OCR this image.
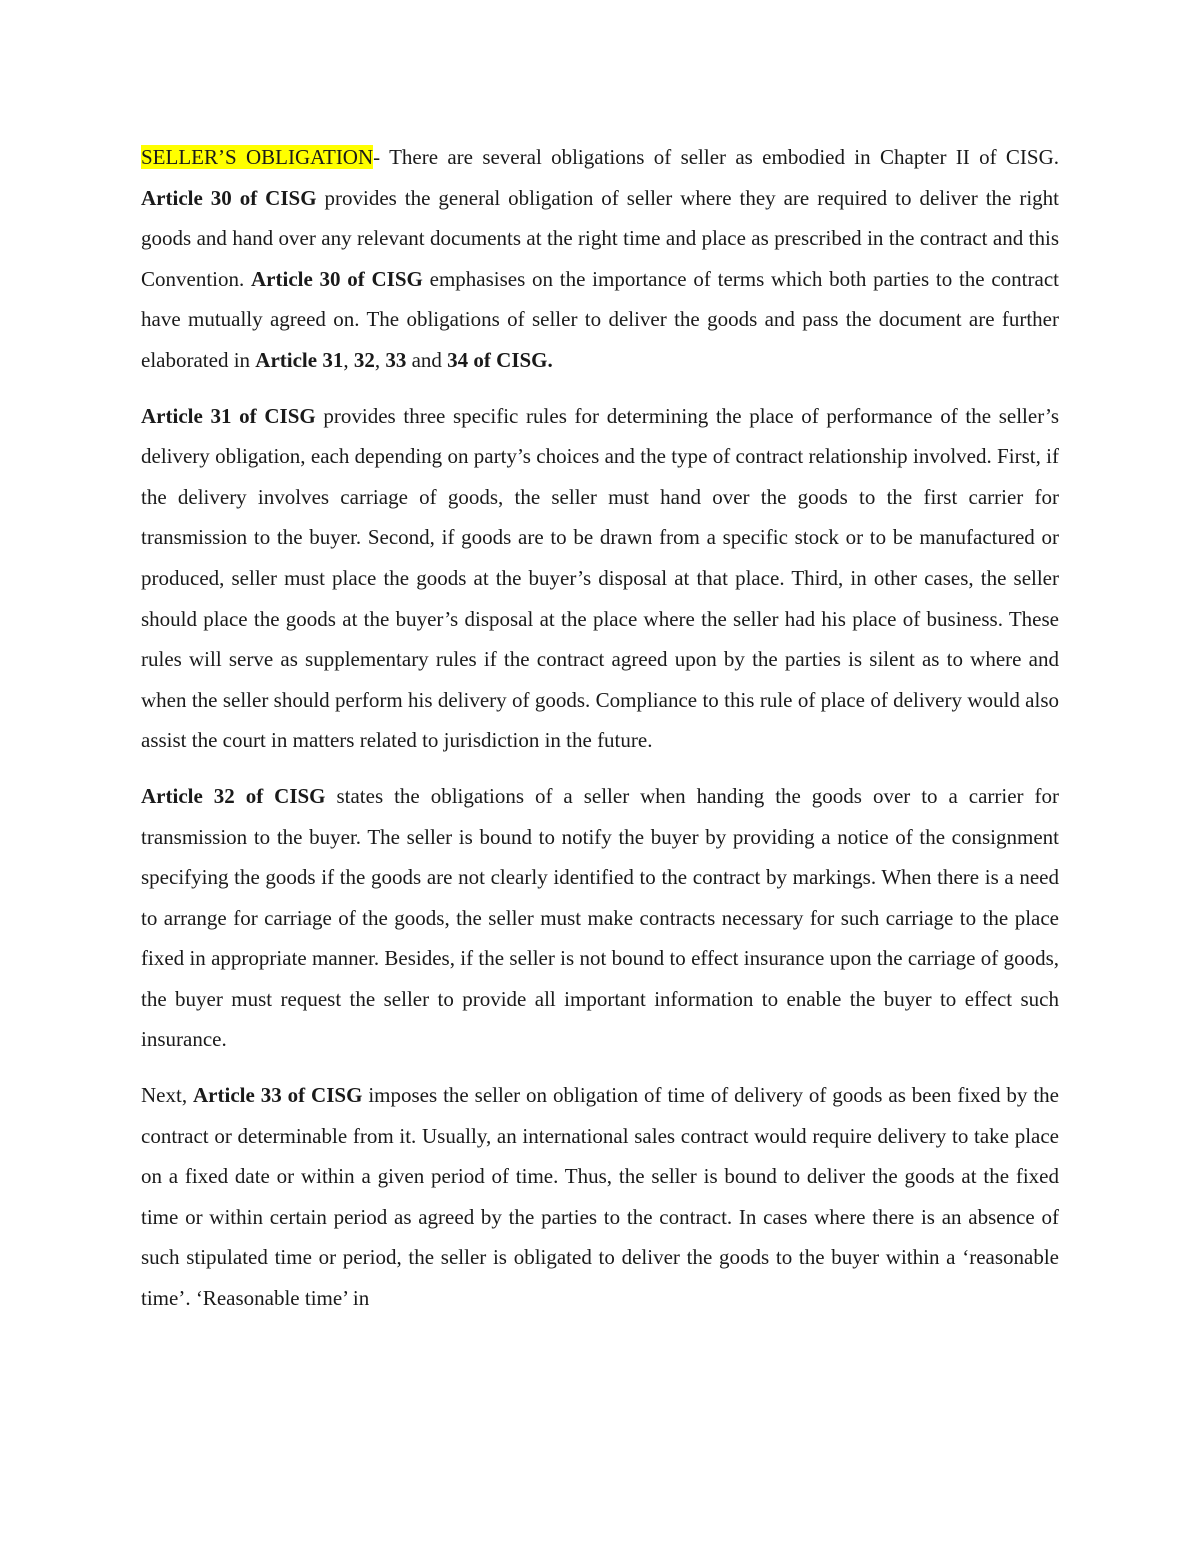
SELLER’S OBLIGATION- There are several obligations of seller as embodied in Chapter II of CISG. Article 30 of CISG provides the general obligation of seller where they are required to deliver the right goods and hand over any relevant documents at the right time and place as prescribed in the contract and this Convention. Article 30 of CISG emphasises on the importance of terms which both parties to the contract have mutually agreed on. The obligations of seller to deliver the goods and pass the document are further elaborated in Article 31, 32, 33 and 34 of CISG.

Article 31 of CISG provides three specific rules for determining the place of performance of the seller’s delivery obligation, each depending on party’s choices and the type of contract relationship involved. First, if the delivery involves carriage of goods, the seller must hand over the goods to the first carrier for transmission to the buyer. Second, if goods are to be drawn from a specific stock or to be manufactured or produced, seller must place the goods at the buyer’s disposal at that place. Third, in other cases, the seller should place the goods at the buyer’s disposal at the place where the seller had his place of business. These rules will serve as supplementary rules if the contract agreed upon by the parties is silent as to where and when the seller should perform his delivery of goods. Compliance to this rule of place of delivery would also assist the court in matters related to jurisdiction in the future.

Article 32 of CISG states the obligations of a seller when handing the goods over to a carrier for transmission to the buyer. The seller is bound to notify the buyer by providing a notice of the consignment specifying the goods if the goods are not clearly identified to the contract by markings. When there is a need to arrange for carriage of the goods, the seller must make contracts necessary for such carriage to the place fixed in appropriate manner. Besides, if the seller is not bound to effect insurance upon the carriage of goods, the buyer must request the seller to provide all important information to enable the buyer to effect such insurance.

Next, Article 33 of CISG imposes the seller on obligation of time of delivery of goods as been fixed by the contract or determinable from it. Usually, an international sales contract would require delivery to take place on a fixed date or within a given period of time. Thus, the seller is bound to deliver the goods at the fixed time or within certain period as agreed by the parties to the contract. In cases where there is an absence of such stipulated time or period, the seller is obligated to deliver the goods to the buyer within a ‘reasonable time’. ‘Reasonable time’ in
